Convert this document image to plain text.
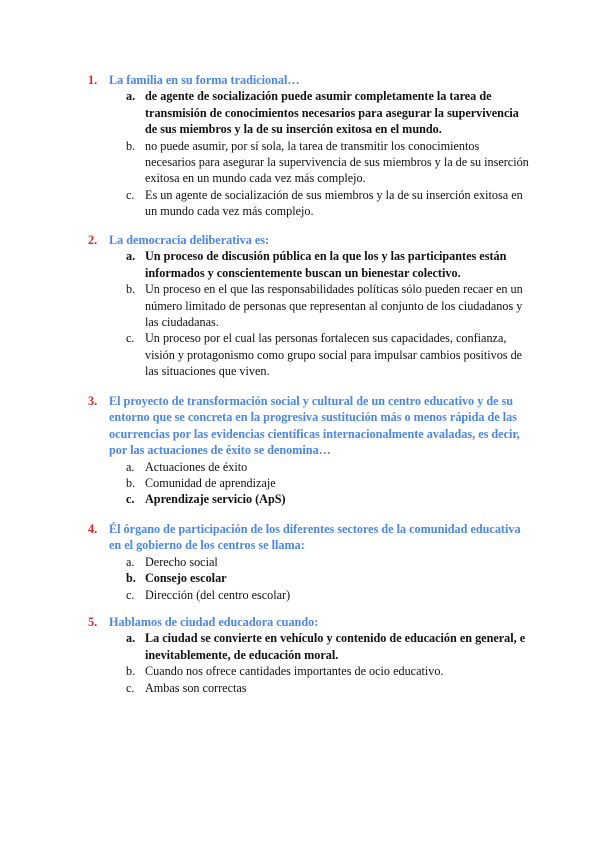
1. La familia en su forma tradicional…
a. de agente de socialización puede asumir completamente la tarea de
transmisión de conocimientos necesarios para asegurar la supervivencia
de sus miembros y la de su inserción exitosa en el mundo.
b. no puede asumir, por sí sola, la tarea de transmitir los conocimientos
necesarios para asegurar la supervivencia de sus miembros y la de su inserción
exitosa en un mundo cada vez más complejo.
c. Es un agente de socialización de sus miembros y la de su inserción exitosa en
un mundo cada vez más complejo.
2. La democracia deliberativa es:
a. Un proceso de discusión pública en la que los y las participantes están
informados y conscientemente buscan un bienestar colectivo.
b. Un proceso en el que las responsabilidades políticas sólo pueden recaer en un
número limitado de personas que representan al conjunto de los ciudadanos y
las ciudadanas.
c. Un proceso por el cual las personas fortalecen sus capacidades, confianza,
visión y protagonismo como grupo social para impulsar cambios positivos de
las situaciones que viven.
3. El proyecto de transformación social y cultural de un centro educativo y de su
entorno que se concreta en la progresiva sustitución más o menos rápida de las
ocurrencias por las evidencias científicas internacionalmente avaladas, es decir,
por las actuaciones de éxito se denomina…
a. Actuaciones de éxito
b. Comunidad de aprendizaje
c. Aprendizaje servicio (ApS)
4. Él órgano de participación de los diferentes sectores de la comunidad educativa
en el gobierno de los centros se llama:
a. Derecho social
b. Consejo escolar
c. Dirección (del centro escolar)
5. Hablamos de ciudad educadora cuando:
a. La ciudad se convierte en vehículo y contenido de educación en general, e
inevitablemente, de educación moral.
b. Cuando nos ofrece cantidades importantes de ocio educativo.
c. Ambas son correctas
